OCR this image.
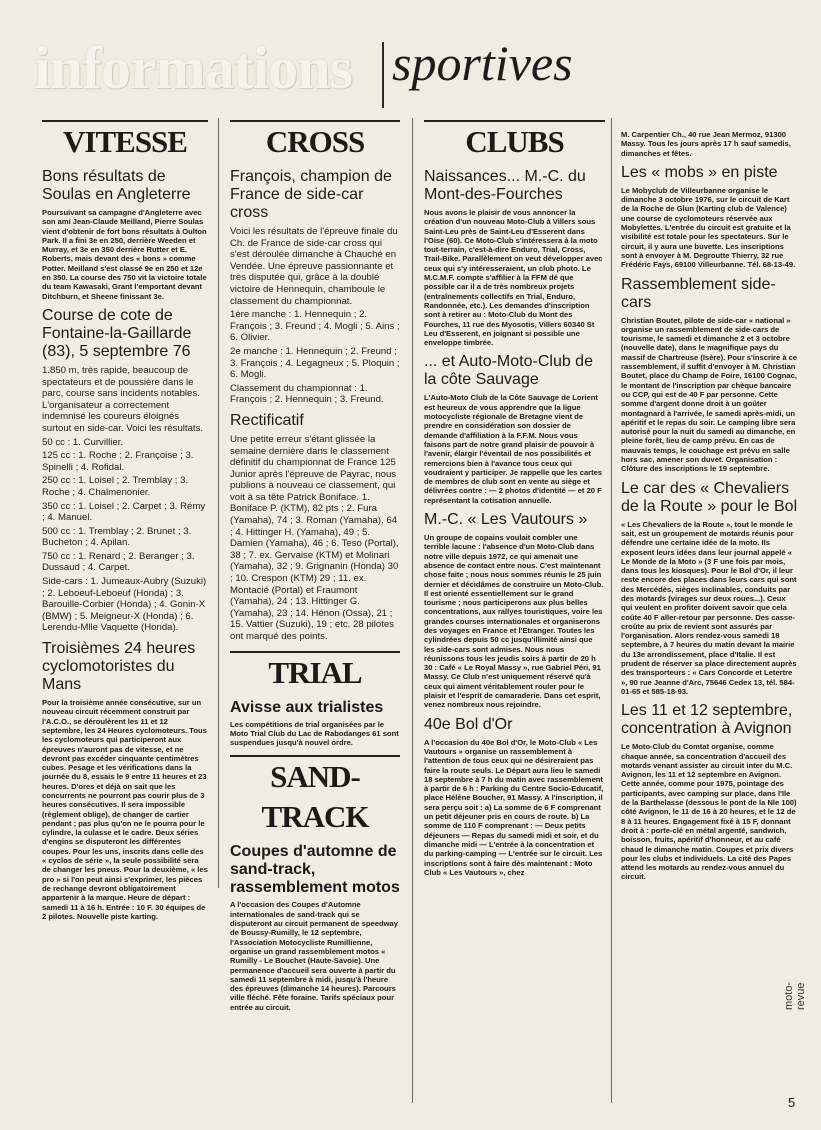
informations sportives
VITESSE
Bons résultats de Soulas en Angleterre

Poursuivant sa campagne d'Angleterre avec son ami Jean-Claude Meilland, Pierre Soulas vient d'obtenir de fort bons résultats à Oulton Park. Il a fini 3e en 250, derrière Weeden et Murray, et 3e en 350 derrière Rutter et E. Roberts, mais devant des « bons » comme Potter. Meilland s'est classé 9e en 250 et 12e en 350. La course des 750 vit la victoire totale du team Kawasaki, Grant l'emportant devant Ditchburn, et Sheene finissant 3e.

Course de cote de Fontaine-la-Gaillarde (83), 5 septembre 76

1.850 m, très rapide, beaucoup de spectateurs et de poussière dans le parc, course sans incidents notables. L'organisateur a correctement indemnisé les coureurs éloignés surtout en side-car. Voici les résultats.

50 cc : 1. Curvillier.

125 cc : 1. Roche ; 2. Françoise ; 3. Spinelli ; 4. Rofidal.

250 cc : 1. Loisel ; 2. Tremblay ; 3. Roche ; 4. Chalmenonier.

350 cc : 1. Loisel ; 2. Carpet ; 3. Rémy ; 4. Manuel.

500 cc : 1. Tremblay ; 2. Brunet ; 3. Bucheton ; 4. Apilan.

750 cc : 1. Renard ; 2. Beranger ; 3. Dussaud ; 4. Carpet.

Side-cars : 1. Jumeaux-Aubry (Suzuki) ; 2. Leboeuf-Leboeuf (Honda) ; 3. Barouille-Corbier (Honda) ; 4. Gonin-X (BMW) ; 5. Meigneur-X (Honda) ; 6. Lerendu-Mlle Vaquette (Honda).

Troisièmes 24 heures cyclomotoristes du Mans

Pour la troisième année consécutive, sur un nouveau circuit récemment construit par l'A.C.O., se déroulèrent les 11 et 12 septembre, les 24 Heures cyclomoteurs. Tous les cyclomoteurs qui participeront aux épreuves n'auront pas de vitesse, et ne devront pas excéder cinquante centimètres cubes. Pesage et les vérifications dans la journée du 8, essais le 9 entre 11 heures et 23 heures. D'ores et déjà on sait que les concurrents ne pourront pas courir plus de 3 heures consécutives. Il sera impossible (règlement oblige), de changer de cartier pendant ; pas plus qu'on ne le pourra pour le cylindre, la culasse et le cadre. Deux séries d'engins se disputeront les différentes coupes. Pour les uns, inscrits dans celle des « cyclos de série », la seule possibilité sera de changer les pneus. Pour la deuxième, « les pro » si l'on peut ainsi s'exprimer, les pièces de rechange devront obligatoirement appartenir à la marque. Heure de départ : samedi 11 à 16 h. Entrée : 10 F. 30 équipes de 2 pilotes. Nouvelle piste karting.

CROSS
François, champion de France de side-car cross

Voici les résultats de l'épreuve finale du Ch. de France de side-car cross qui s'est déroulée dimanche à Chauché en Vendée. Une épreuve passionnante et très disputée qui, grâce à la doublé victoire de Hennequin, chamboule le classement du championnat.

1ère manche : 1. Hennequin ; 2. François ; 3. Freund ; 4. Mogli ; 5. Ains ; 6. Olivier.

2e manche : 1. Hennequin ; 2. Freund ; 3. François ; 4. Legagneux ; 5. Ploquin ; 6. Mogli.

Classement du championnat : 1. François ; 2. Hennequin ; 3. Freund.

Rectificatif

Une petite erreur s'étant glissée la semaine dernière dans le classement définitif du championnat de France 125 Junior après l'épreuve de Payrac, nous publions à nouveau ce classement, qui voit à sa tête Patrick Boniface. 1. Boniface P. (KTM), 82 pts ; 2. Fura (Yamaha), 74 ; 3. Roman (Yamaha), 64 ; 4. Hittinger H. (Yamaha), 49 ; 5. Damien (Yamaha), 46 ; 6. Teso (Portal), 38 ; 7. ex. Gervaise (KTM) et Molinari (Yamaha), 32 ; 9. Grignanin (Honda) 30 ; 10. Crespon (KTM) 29 ; 11. ex. Montacié (Portal) et Fraumont (Yamaha), 24 ; 13. Hittinger G. (Yamaha), 23 ; 14. Hénon (Ossa), 21 ; 15. Vattier (Suzuki), 19 ; etc. 28 pilotes ont marqué des points.

TRIAL
Avisse aux trialistes

Les compétitions de trial organisées par le Moto Trial Club du Lac de Rabodanges 61 sont suspendues jusqu'à nouvel ordre.

SAND-TRACK
Coupes d'automne de sand-track, rassemblement motos

A l'occasion des Coupes d'Automne internationales de sand-track qui se disputeront au circuit permanent de speedway de Boussy-Rumilly, le 12 septembre, l'Association Motocycliste Rumillienne, organise un grand rassemblement motos « Rumilly - Le Bouchet (Haute-Savoie). Une permanence d'accueil sera ouverte à partir du samedi 11 septembre à midi, jusqu'à l'heure des épreuves (dimanche 14 heures). Parcours ville fléché. Fête foraine. Tarifs spéciaux pour entrée au circuit.

CLUBS
Naissances... M.-C. du Mont-des-Fourches

Nous avons le plaisir de vous annoncer la création d'un nouveau Moto-Club à Villers sous Saint-Leu près de Saint-Leu d'Esserent dans l'Oise (60). Ce Moto-Club s'intéressera à la moto tout-terrain, c'est-à-dire Enduro, Trial, Cross, Trail-Bike. Parallèlement on veut développer avec ceux qui s'y intéresseraient, un club photo. Le M.C.M.F. compte s'affilier à la FFM dé que possible car il a de très nombreux projets (entraînements collectifs en Trial, Enduro, Randonnée, etc.). Les demandes d'inscription sont à retirer au : Moto-Club du Mont des Fourches, 11 rue des Myosotis, Villers 60340 St Leu d'Esserent, en joignant si possible une enveloppe timbrée.

... et Auto-Moto-Club de la côte Sauvage

L'Auto-Moto Club de la Côte Sauvage de Lorient est heureux de vous apprendre que la ligue motocycliste régionale de Bretagne vient de prendre en considération son dossier de demande d'affiliation à la F.F.M. Nous vous faisons part de notre grand plaisir de pouvoir à l'avenir, élargir l'éventail de nos possibilités et remercions bien à l'avance tous ceux qui voudraient y participer. Je rappelle que les cartes de membres de club sont en vente au siège et délivrées contre : — 2 photos d'identité — et 20 F représentant la cotisation annuelle.

M.-C. « Les Vautours »

Un groupe de copains voulait combler une terrible lacune : l'absence d'un Moto-Club dans notre ville depuis 1972, ce qui amenait une absence de contact entre nous. C'est maintenant chose faite ; nous nous sommes réunis le 25 juin dernier et décidâmes de construire un Moto-Club. Il est orienté essentiellement sur le grand tourisme ; nous participerons aux plus belles concentrations, aux rallyes touristiques, voire les grandes courses internationales et organiserons des voyages en France et l'Etranger. Toutes les cylindrées depuis 50 cc jusqu'illimité ainsi que les side-cars sont admises. Nous nous réunissons tous les jeudis soirs à partir de 20 h 30 : Café « Le Royal Massy », rue Gabriel Péri, 91 Massy. Ce Club n'est uniquement réservé qu'à ceux qui aiment véritablement rouler pour le plaisir et l'esprit de camaraderie. Dans cet esprit, venez nombreux nous rejoindre.

40e Bol d'Or

A l'occasion du 40e Bol d'Or, le Moto-Club « Les Vautours » organise un rassemblement à l'attention de tous ceux qui ne désireraient pas faire la route seuls. Le Départ aura lieu le samedi 18 septembre à 7 h du matin avec rassemblement à partir de 6 h : Parking du Centre Socio-Educatif, place Hélène Boucher, 91 Massy. A l'inscription, il sera perçu soit : a) La somme de 6 F comprenant un petit déjeuner pris en cours de route. b) La somme de 110 F comprenant : — Deux petits déjeuners — Repas du samedi midi et soir, et du dimanche midi — L'entrée à la concentration et du parking-camping — L'entrée sur le circuit. Les inscriptions sont à faire dès maintenant : Moto Club « Les Vautours », chez

M. Carpentier Ch., 40 rue Jean Mermoz, 91300 Massy. Tous les jours après 17 h sauf samedis, dimanches et fêtes.

Les « mobs » en piste

Le Mobyclub de Villeurbanne organise le dimanche 3 octobre 1976, sur le circuit de Kart de la Roche de Glun (Karting club de Valence) une course de cyclomoteurs réservée aux Mobylettes. L'entrée du circuit est gratuite et la visibilité est totale pour les spectateurs. Sur le circuit, il y aura une buvette. Les inscriptions sont à envoyer à M. Degroutte Thierry, 32 rue Frédéric Fays, 69100 Villeurbanne. Tél. 68-13-49.

Rassemblement side-cars

Christian Boutet, pilote de side-car « national » organise un rassemblement de side-cars de tourisme, le samedi et dimanche 2 et 3 octobre (nouvelle date), dans le magnifique pays du massif de Chartreuse (Isère). Pour s'inscrire à ce rassemblement, il suffit d'envoyer à M. Christian Boutet, place du Champ de Foire, 16100 Cognac, le montant de l'inscription par chèque bancaire ou CCP, qui est de 40 F par personne. Cette somme d'argent donne droit à un goûter montagnard à l'arrivée, le samedi après-midi, un apéritif et le repas du soir. Le camping libre sera autorisé pour la nuit du samedi au dimanche, en pleine forêt, lieu de camp prévu. En cas de mauvais temps, le couchage est prévu en salle hors sac, amener son duvet. Organisation : Clôture des inscriptions le 19 septembre.

Le car des « Chevaliers de la Route » pour le Bol

« Les Chevaliers de la Route », tout le monde le sait, est un groupement de motards réunis pour défendre une certaine idée de la moto. Ils exposent leurs idées dans leur journal appelé « Le Monde de la Moto » (3 F une fois par mois, dans tous les kiosques). Pour le Bol d'Or, il leur reste encore des places dans leurs cars qui sont des Mercédès, sièges inclinables, conduits par des motards (virages sur deux roues...). Ceux qui veulent en profiter doivent savoir que cela coûte 40 F aller-retour par personne. Des casse-croûte au prix de revient sont assurés par l'organisation. Alors rendez-vous samedi 18 septembre, à 7 heures du matin devant la mairie du 13e arrondissement, place d'Italie. Il est prudent de réserver sa place directement auprès des transporteurs : « Cars Concorde et Letertre », 90 rue Jeanne d'Arc, 75646 Cedex 13, tél. 584-01-65 et 585-18-93.

Les 11 et 12 septembre, concentration à Avignon

Le Moto-Club du Comtat organise, comme chaque année, sa concentration d'accueil des motards venant assister au circuit inter du M.C. Avignon, les 11 et 12 septembre en Avignon. Cette année, comme pour 1975, pointage des participants, avec camping sur place, dans l'Ile de la Barthelasse (dessous le pont de la Nle 100) côté Avignon, le 11 de 16 à 20 heures, et le 12 de 8 à 11 heures. Engagement fixé à 15 F, donnant droit à : porte-clé en métal argenté, sandwich, boisson, fruits, apéritif d'honneur, et au café chaud le dimanche matin. Coupes et prix divers pour les clubs et individuels. La cité des Papes attend les motards au rendez-vous annuel du circuit.

moto-revue
5
